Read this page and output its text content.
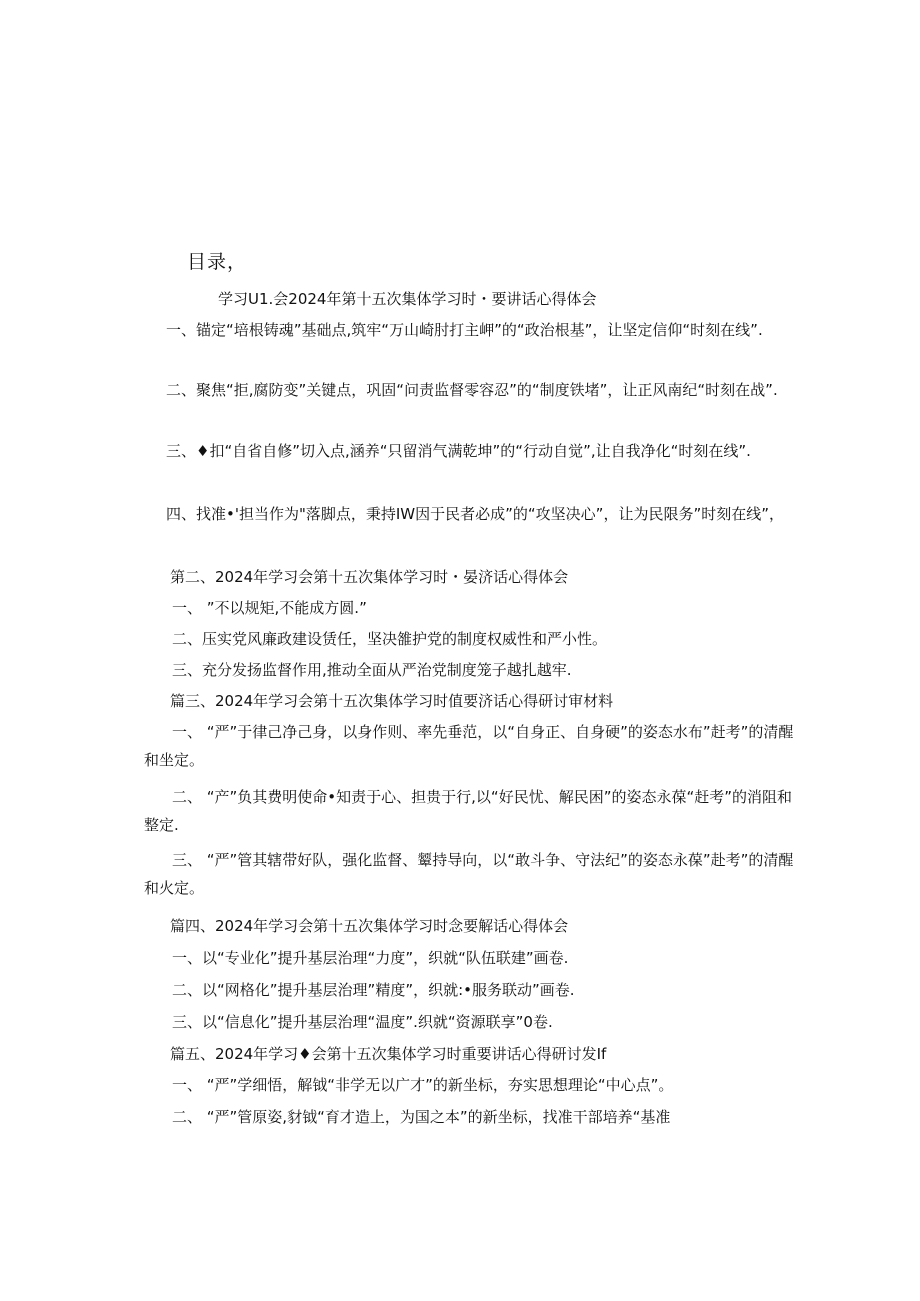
目录，
学习U1.会2024年第十五次集体学习时・要讲话心得体会
一、锚定“培根铸魂”基础点,筑牢“万山崎肘打主岬”的“政治根基”，让坚定信仰“时刻在线”.
二、聚焦“拒,腐防变”关键点，巩固“问责监督零容忍”的“制度铁堵”，让正风南纪“时刻在战”.
三、♦扣“自省自修”切入点,涵养“只留消气满乾坤”的“行动自觉”,让自我净化“时刻在线”.
四、找准•'担当作为"落脚点，秉持IW因于民者必成”的“攻坚决心”，让为民限务”时刻在线”，
第二、2024年学习会第十五次集体学习时・晏济话心得体会
一、 ”不以规矩,不能成方圆.”
二、压实党风廉政建设赁任，坚决雒护党的制度权威性和严小性。
三、充分发扬监督作用,推动全面从严治党制度笼子越扎越牢.
篇三、2024年学习会第十五次集体学习时值要济话心得研讨审材料
一、 “严”于律己净己身，以身作则、率先垂范，以“自身正、自身硬”的姿态水布”赶考”的清醒和坐定。
二、 “产”负其费明使命•知责于心、担贵于行,以“好民忧、解民困”的姿态永葆“赶考”的消阻和整定.
三、 “严”管其辖带好队，强化监督、颦持导向，以“敢斗争、守法纪”的姿态永葆”赴考”的清醒和火定。
篇四、2024年学习会第十五次集体学习时念要解话心得体会
一、以“专业化”提升基层治理“力度”，织就“队伍联建”画卷.
二、以“网格化”提升基层治理”精度”，织就:•服务联动”画卷.
三、以“信息化”提升基层治理“温度”.织就“资源联享”0卷.
篇五、2024年学习♦会第十五次集体学习时重要讲话心得研讨发If
一、 “严”学细悟，解钺“非学无以广才”的新坐标，夯实思想理论“中心点”。
二、 “严”管原姿,豺钺“育才造上，为国之本”的新坐标，找准干部培养“基准
